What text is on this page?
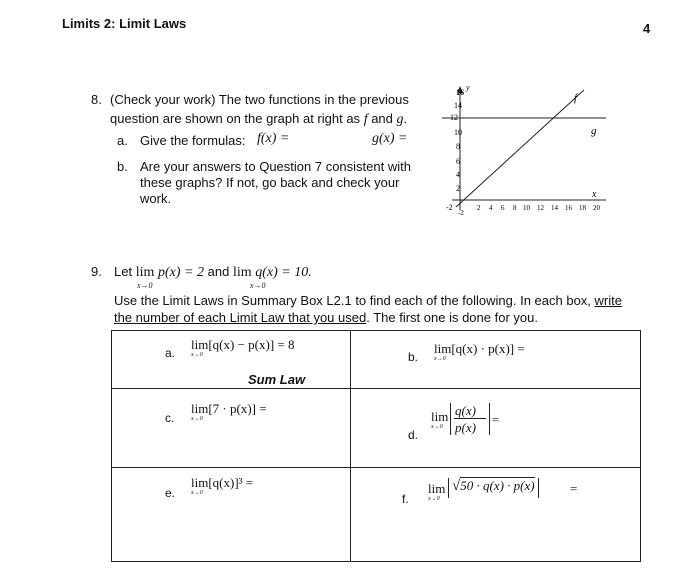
Limits 2: Limit Laws	4
8. (Check your work) The two functions in the previous
question are shown on the graph at right as f and g.
a. Give the formulas: f(x) =	g(x) =
b. Are your answers to Question 7 consistent with
these graphs? If not, go back and check your
work.
16
y
14
12
10
8
6
4
2
-2
-2
2 4 6 8 10 12 14 16 18 20
x
f
g
9. Let lim p(x) = 2 and lim q(x) = 10.
x→0	x→0
Use the Limit Laws in Summary Box L2.1 to find each of the following. In each box, write
the number of each Limit Law that you used. The first one is done for you.
a.
lim[q(x) − p(x)] = 8
x→0
Sum Law
b.
lim[q(x) · p(x)] =
x→0
c.
lim[7 · p(x)] =
x→0
d.
lim
x→0
q(x)
p(x)
=
e.
lim[q(x)]³ =
x→0	f.
lim
x→0
√50 · q(x) · p(x)	=
